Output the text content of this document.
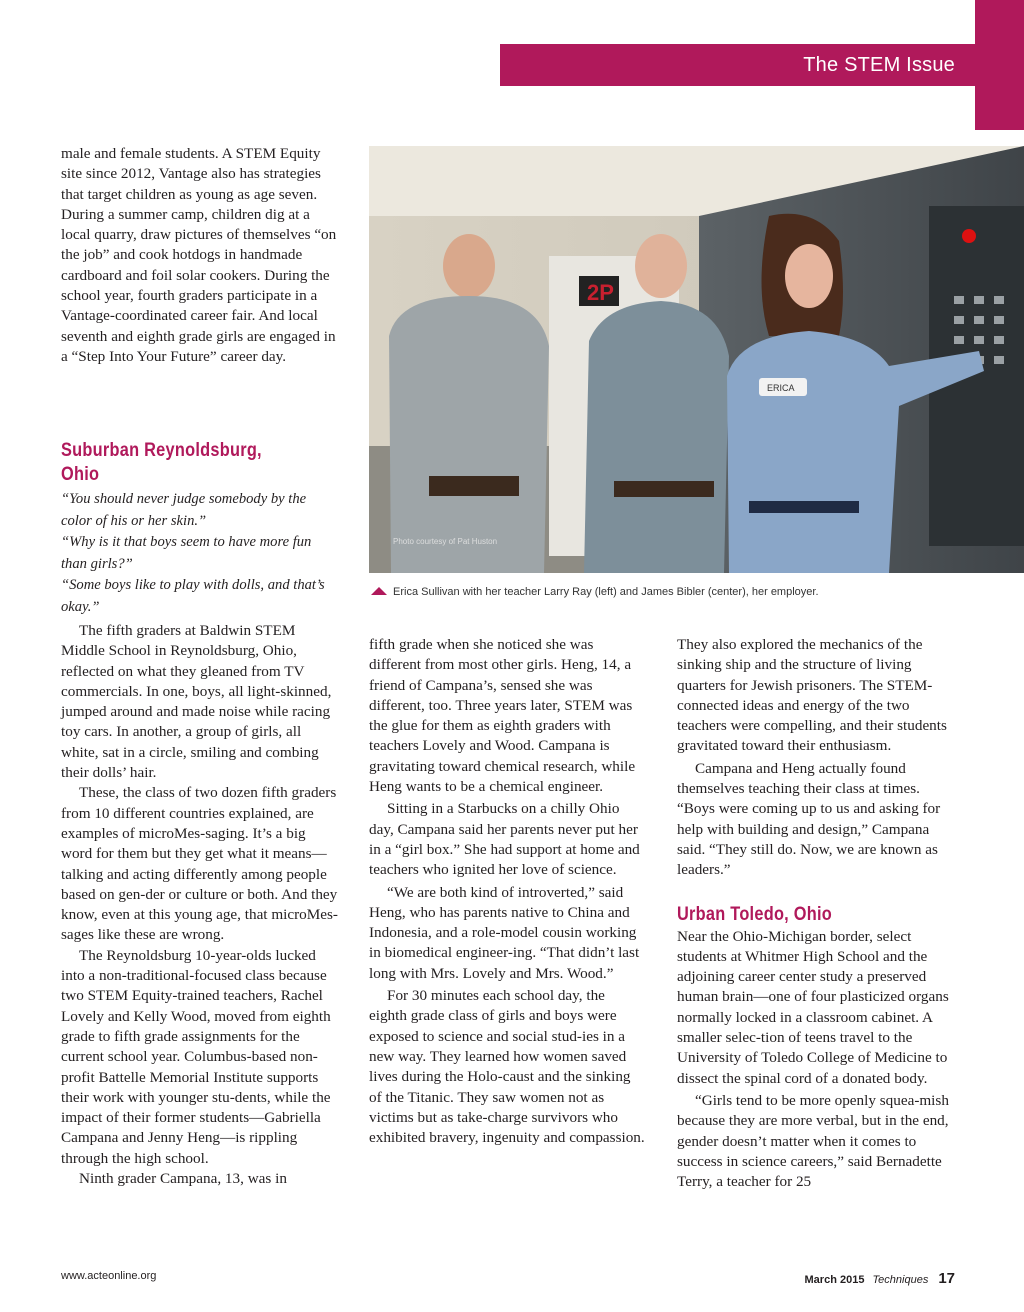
The STEM Issue

male and female students. A STEM Equity site since 2012, Vantage also has strategies that target children as young as age seven. During a summer camp, children dig at a local quarry, draw pictures of themselves “on the job” and cook hotdogs in handmade cardboard and foil solar cookers. During the school year, fourth graders participate in a Vantage-coordinated career fair. And local seventh and eighth grade girls are engaged in a “Step Into Your Future” career day.

Suburban Reynoldsburg, Ohio

“You should never judge somebody by the color of his or her skin.”

“Why is it that boys seem to have more fun than girls?”

“Some boys like to play with dolls, and that’s okay.”

The fifth graders at Baldwin STEM Middle School in Reynoldsburg, Ohio, reflected on what they gleaned from TV commercials. In one, boys, all light-skinned, jumped around and made noise while racing toy cars. In another, a group of girls, all white, sat in a circle, smiling and combing their dolls’ hair.

These, the class of two dozen fifth graders from 10 different countries explained, are examples of microMes-saging. It’s a big word for them but they get what it means—talking and acting differently among people based on gen-der or culture or both. And they know, even at this young age, that microMes-sages like these are wrong.

The Reynoldsburg 10-year-olds lucked into a non-traditional-focused class because two STEM Equity-trained teachers, Rachel Lovely and Kelly Wood, moved from eighth grade to fifth grade assignments for the current school year. Columbus-based non-profit Battelle Memorial Institute supports their work with younger stu-dents, while the impact of their former students—Gabriella Campana and Jenny Heng—is rippling through the high school.

Ninth grader Campana, 13, was in

2P
ERICA
Photo courtesy of Pat Huston
Erica Sullivan with her teacher Larry Ray (left) and James Bibler (center), her employer.

fifth grade when she noticed she was different from most other girls. Heng, 14, a friend of Campana’s, sensed she was different, too. Three years later, STEM was the glue for them as eighth graders with teachers Lovely and Wood. Campana is gravitating toward chemical research, while Heng wants to be a chemical engineer.

Sitting in a Starbucks on a chilly Ohio day, Campana said her parents never put her in a “girl box.” She had support at home and teachers who ignited her love of science.

“We are both kind of introverted,” said Heng, who has parents native to China and Indonesia, and a role-model cousin working in biomedical engineer-ing. “That didn’t last long with Mrs. Lovely and Mrs. Wood.”

For 30 minutes each school day, the eighth grade class of girls and boys were exposed to science and social stud-ies in a new way. They learned how women saved lives during the Holo-caust and the sinking of the Titanic. They saw women not as victims but as take-charge survivors who exhibited bravery, ingenuity and compassion.

They also explored the mechanics of the sinking ship and the structure of living quarters for Jewish prisoners. The STEM-connected ideas and energy of the two teachers were compelling, and their students gravitated toward their enthusiasm.

Campana and Heng actually found themselves teaching their class at times. “Boys were coming up to us and asking for help with building and design,” Campana said. “They still do. Now, we are known as leaders.”

Urban Toledo, Ohio

Near the Ohio-Michigan border, select students at Whitmer High School and the adjoining career center study a preserved human brain—one of four plasticized organs normally locked in a classroom cabinet. A smaller selec-tion of teens travel to the University of Toledo College of Medicine to dissect the spinal cord of a donated body.

“Girls tend to be more openly squea-mish because they are more verbal, but in the end, gender doesn’t matter when it comes to success in science careers,” said Bernadette Terry, a teacher for 25

www.acteonline.org	March 2015 Techniques 17
